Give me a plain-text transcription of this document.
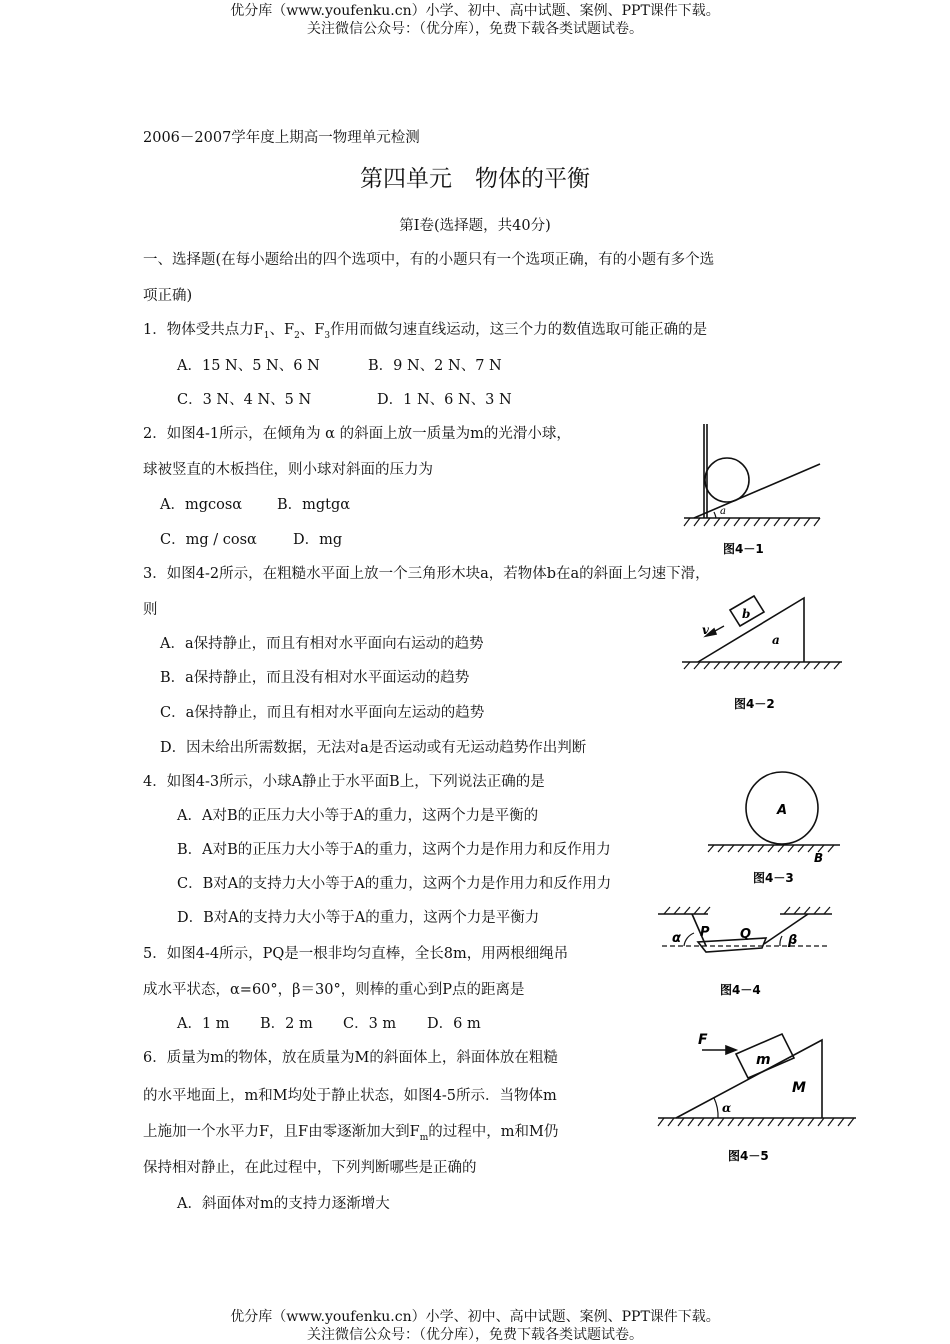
优分库（www.youfenku.cn）小学、初中、高中试题、案例、PPT课件下载。
关注微信公众号：（优分库），免费下载各类试题试卷。
2006－2007学年度上期高一物理单元检测
第四单元　物体的平衡
第Ⅰ卷(选择题，共40分)
一、选择题(在每小题给出的四个选项中，有的小题只有一个选项正确，有的小题有多个选
项正确)
1．物体受共点力$F_1$、$F_2$、$F_3$作用而做匀速直线运动，这三个力的数值选取可能正确的是
A．15 N、5 N、6 N	B．9 N、2 N、7 N
C．3 N、4 N、5 N	D．1 N、6 N、3 N
2．如图4-1所示，在倾角为 α 的斜面上放一质量为m的光滑小球，
球被竖直的木板挡住，则小球对斜面的压力为
A．mgcosα B．mgtgα
C．mg / cosα D．mg
3．如图4-2所示，在粗糙水平面上放一个三角形木块a，若物体b在a的斜面上匀速下滑，
则
A．a保持静止，而且有相对水平面向右运动的趋势
B．a保持静止，而且没有相对水平面运动的趋势
C．a保持静止，而且有相对水平面向左运动的趋势
D．因未给出所需数据，无法对a是否运动或有无运动趋势作出判断
4．如图4-3所示，小球A静止于水平面B上，下列说法正确的是
A．A对B的正压力大小等于A的重力，这两个力是平衡的
B．A对B的正压力大小等于A的重力，这两个力是作用力和反作用力
C．B对A的支持力大小等于A的重力，这两个力是作用力和反作用力
D．B对A的支持力大小等于A的重力，这两个力是平衡力
5．如图4-4所示，PQ是一根非均匀直棒，全长8m，用两根细绳吊
成水平状态，α=60°，β＝30°，则棒的重心到P点的距离是
A．1 m B．2 m C．3 m D．6 m
6．质量为m的物体，放在质量为M的斜面体上，斜面体放在粗糙
的水平地面上，m和M均处于静止状态，如图4-5所示．当物体m
上施加一个水平力F，且F由零逐渐加大到$F_m$的过程中，m和M仍
保持相对静止，在此过程中，下列判断哪些是正确的
A．斜面体对m的支持力逐渐增大
a
图4－1
b
a
v
图4－2
A
B
图4－3
α P Q	β
图4－4
F
m
M
α
图4－5
优分库（www.youfenku.cn）小学、初中、高中试题、案例、PPT课件下载。
关注微信公众号：（优分库），免费下载各类试题试卷。
